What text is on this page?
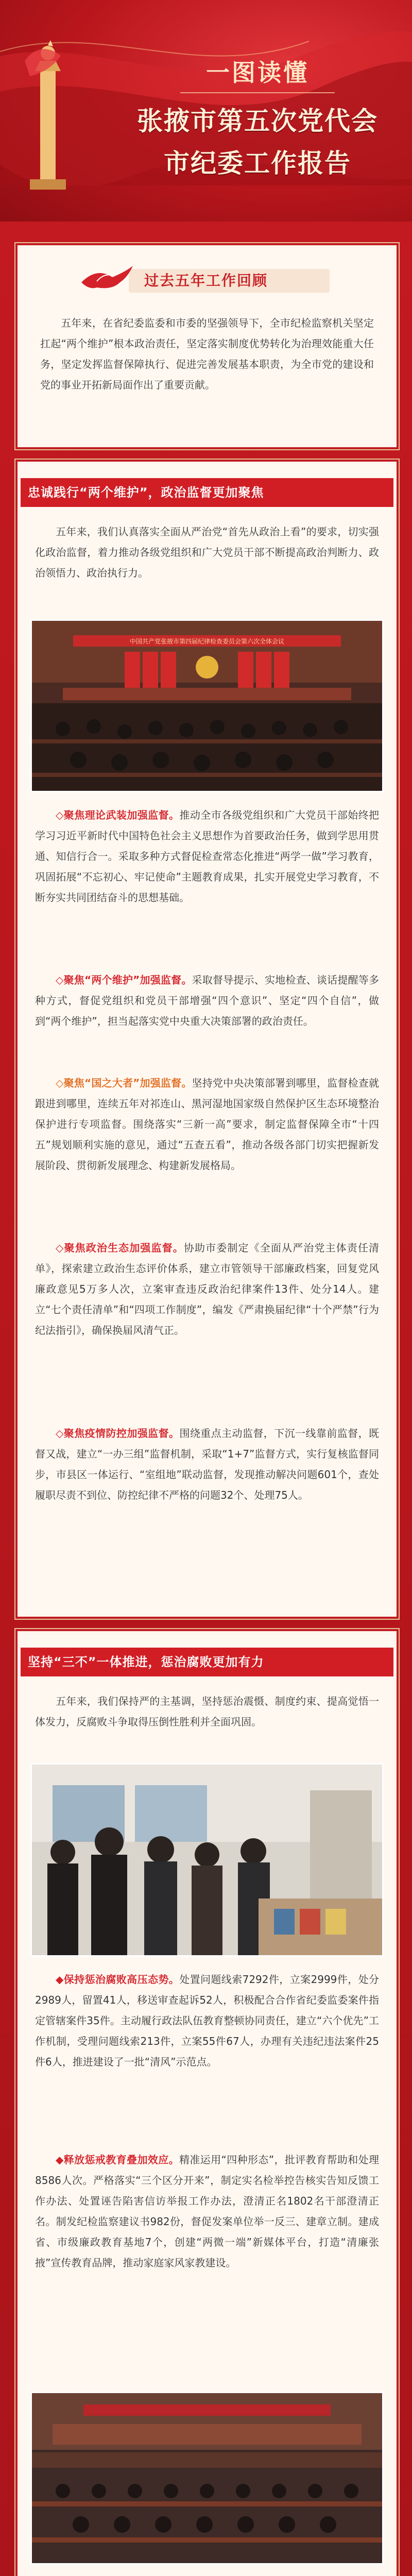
一图读懂
张掖市第五次党代会
市纪委工作报告
过去五年工作回顾
五年来，在省纪委监委和市委的坚强领导下，全市纪检监察机关坚定扛起“两个维护”根本政治责任，坚定落实制度优势转化为治理效能重大任务，坚定发挥监督保障执行、促进完善发展基本职责，为全市党的建设和党的事业开拓新局面作出了重要贡献。
忠诚践行“两个维护”，政治监督更加聚焦
五年来，我们认真落实全面从严治党“首先从政治上看”的要求，切实强化政治监督，着力推动各级党组织和广大党员干部不断提高政治判断力、政治领悟力、政治执行力。
中国共产党张掖市第四届纪律检查委员会第六次全体会议
◇聚焦理论武装加强监督。推动全市各级党组织和广大党员干部始终把学习习近平新时代中国特色社会主义思想作为首要政治任务，做到学思用贯通、知信行合一。采取多种方式督促检查常态化推进“两学一做”学习教育，巩固拓展“不忘初心、牢记使命”主题教育成果，扎实开展党史学习教育，不断夯实共同团结奋斗的思想基础。
◇聚焦“两个维护”加强监督。采取督导提示、实地检查、谈话提醒等多种方式，督促党组织和党员干部增强“四个意识”、坚定“四个自信”，做到“两个维护”，担当起落实党中央重大决策部署的政治责任。
◇聚焦“国之大者”加强监督。坚持党中央决策部署到哪里，监督检查就跟进到哪里，连续五年对祁连山、黑河湿地国家级自然保护区生态环境整治保护进行专项监督。围绕落实“三新一高”要求，制定监督保障全市“十四五”规划顺利实施的意见，通过“五查五看”，推动各级各部门切实把握新发展阶段、贯彻新发展理念、构建新发展格局。
◇聚焦政治生态加强监督。协助市委制定《全面从严治党主体责任清单》，探索建立政治生态评价体系，建立市管领导干部廉政档案，回复党风廉政意见5万多人次，立案审查违反政治纪律案件13件、处分14人。建立“七个责任清单”和“四项工作制度”，编发《严肃换届纪律“十个严禁”行为纪法指引》，确保换届风清气正。
◇聚焦疫情防控加强监督。围绕重点主动监督，下沉一线靠前监督，既督又战，建立“一办三组”监督机制，采取“1+7”监督方式，实行复核监督同步，市县区一体运行、“室组地”联动监督，发现推动解决问题601个，查处履职尽责不到位、防控纪律不严格的问题32个、处理75人。
坚持“三不”一体推进，惩治腐败更加有力
五年来，我们保持严的主基调，坚持惩治震慑、制度约束、提高觉悟一体发力，反腐败斗争取得压倒性胜利并全面巩固。
◆保持惩治腐败高压态势。处置问题线索7292件，立案2999件，处分2989人，留置41人，移送审查起诉52人，积极配合合作省纪委监委案件指定管辖案件35件。主动履行政法队伍教育整顿协同责任，建立“六个优先”工作机制，受理问题线索213件，立案55件67人，办理有关违纪违法案件25件6人，推进建设了一批“清风”示范点。
◆释放惩戒教育叠加效应。精准运用“四种形态”，批评教育帮助和处理8586人次。严格落实“三个区分开来”，制定实名检举控告核实告知反馈工作办法、处置诬告陷害信访举报工作办法，澄清正名1802名干部澄清正名。制发纪检监察建议书982份，督促发案单位举一反三、建章立制。建成省、市级廉政教育基地7个，创建“两微一端”新媒体平台，打造“清廉张掖”宣传教育品牌，推动家庭家风家教建设。
